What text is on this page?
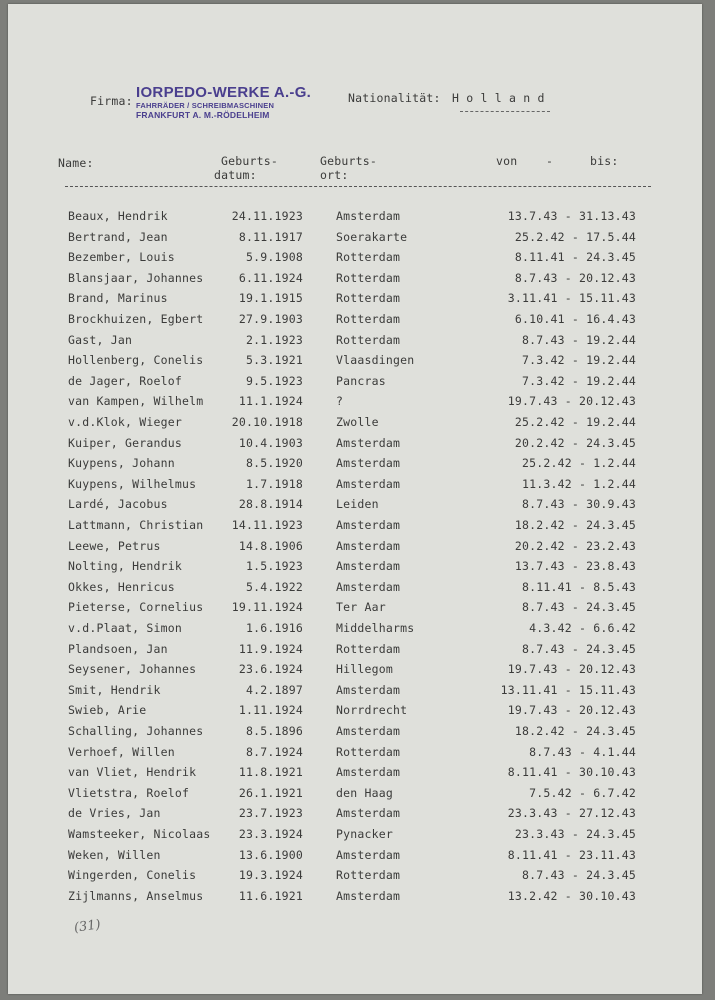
Firma: IORPEDO-WERKE A.-G.
FAHRRÄDER / SCHREIBMASCHINEN
FRANKFURT A. M.-RÖDELHEIM
Nationalität: H o l l a n d
Name:	Geburts-
datum:
Geburts-
ort:
von -	bis:
Beaux, Hendrik	24.11.1923	Amsterdam	13.7.43 - 31.13.43
Bertrand, Jean	8.11.1917	Soerakarte	25.2.42 - 17.5.44
Bezember, Louis	5.9.1908	Rotterdam	8.11.41 - 24.3.45
Blansjaar, Johannes	6.11.1924	Rotterdam	8.7.43 - 20.12.43
Brand, Marinus	19.1.1915	Rotterdam	3.11.41 - 15.11.43
Brockhuizen, Egbert	27.9.1903	Rotterdam	6.10.41 - 16.4.43
Gast, Jan	2.1.1923	Rotterdam	8.7.43 - 19.2.44
Hollenberg, Conelis	5.3.1921	Vlaasdingen	7.3.42 - 19.2.44
de Jager, Roelof	9.5.1923	Pancras	7.3.42 - 19.2.44
van Kampen, Wilhelm	11.1.1924	?	19.7.43 - 20.12.43
v.d.Klok, Wieger	20.10.1918	Zwolle	25.2.42 - 19.2.44
Kuiper, Gerandus	10.4.1903	Amsterdam	20.2.42 - 24.3.45
Kuypens, Johann	8.5.1920	Amsterdam	25.2.42 - 1.2.44
Kuypens, Wilhelmus	1.7.1918	Amsterdam	11.3.42 - 1.2.44
Lardé, Jacobus	28.8.1914	Leiden	8.7.43 - 30.9.43
Lattmann, Christian	14.11.1923	Amsterdam	18.2.42 - 24.3.45
Leewe, Petrus	14.8.1906	Amsterdam	20.2.42 - 23.2.43
Nolting, Hendrik	1.5.1923	Amsterdam	13.7.43 - 23.8.43
Okkes, Henricus	5.4.1922	Amsterdam	8.11.41 - 8.5.43
Pieterse, Cornelius	19.11.1924	Ter Aar	8.7.43 - 24.3.45
v.d.Plaat, Simon	1.6.1916	Middelharms	4.3.42 - 6.6.42
Plandsoen, Jan	11.9.1924	Rotterdam	8.7.43 - 24.3.45
Seysener, Johannes	23.6.1924	Hillegom	19.7.43 - 20.12.43
Smit, Hendrik	4.2.1897	Amsterdam	13.11.41 - 15.11.43
Swieb, Arie	1.11.1924	Norrdrecht	19.7.43 - 20.12.43
Schalling, Johannes	8.5.1896	Amsterdam	18.2.42 - 24.3.45
Verhoef, Willen	8.7.1924	Rotterdam	8.7.43 - 4.1.44
van Vliet, Hendrik	11.8.1921	Amsterdam	8.11.41 - 30.10.43
Vlietstra, Roelof	26.1.1921	den Haag	7.5.42 - 6.7.42
de Vries, Jan	23.7.1923	Amsterdam	23.3.43 - 27.12.43
Wamsteeker, Nicolaas	23.3.1924	Pynacker	23.3.43 - 24.3.45
Weken, Willen	13.6.1900	Amsterdam	8.11.41 - 23.11.43
Wingerden, Conelis	19.3.1924	Rotterdam	8.7.43 - 24.3.45
Zijlmanns, Anselmus	11.6.1921	Amsterdam	13.2.42 - 30.10.43
(31)
